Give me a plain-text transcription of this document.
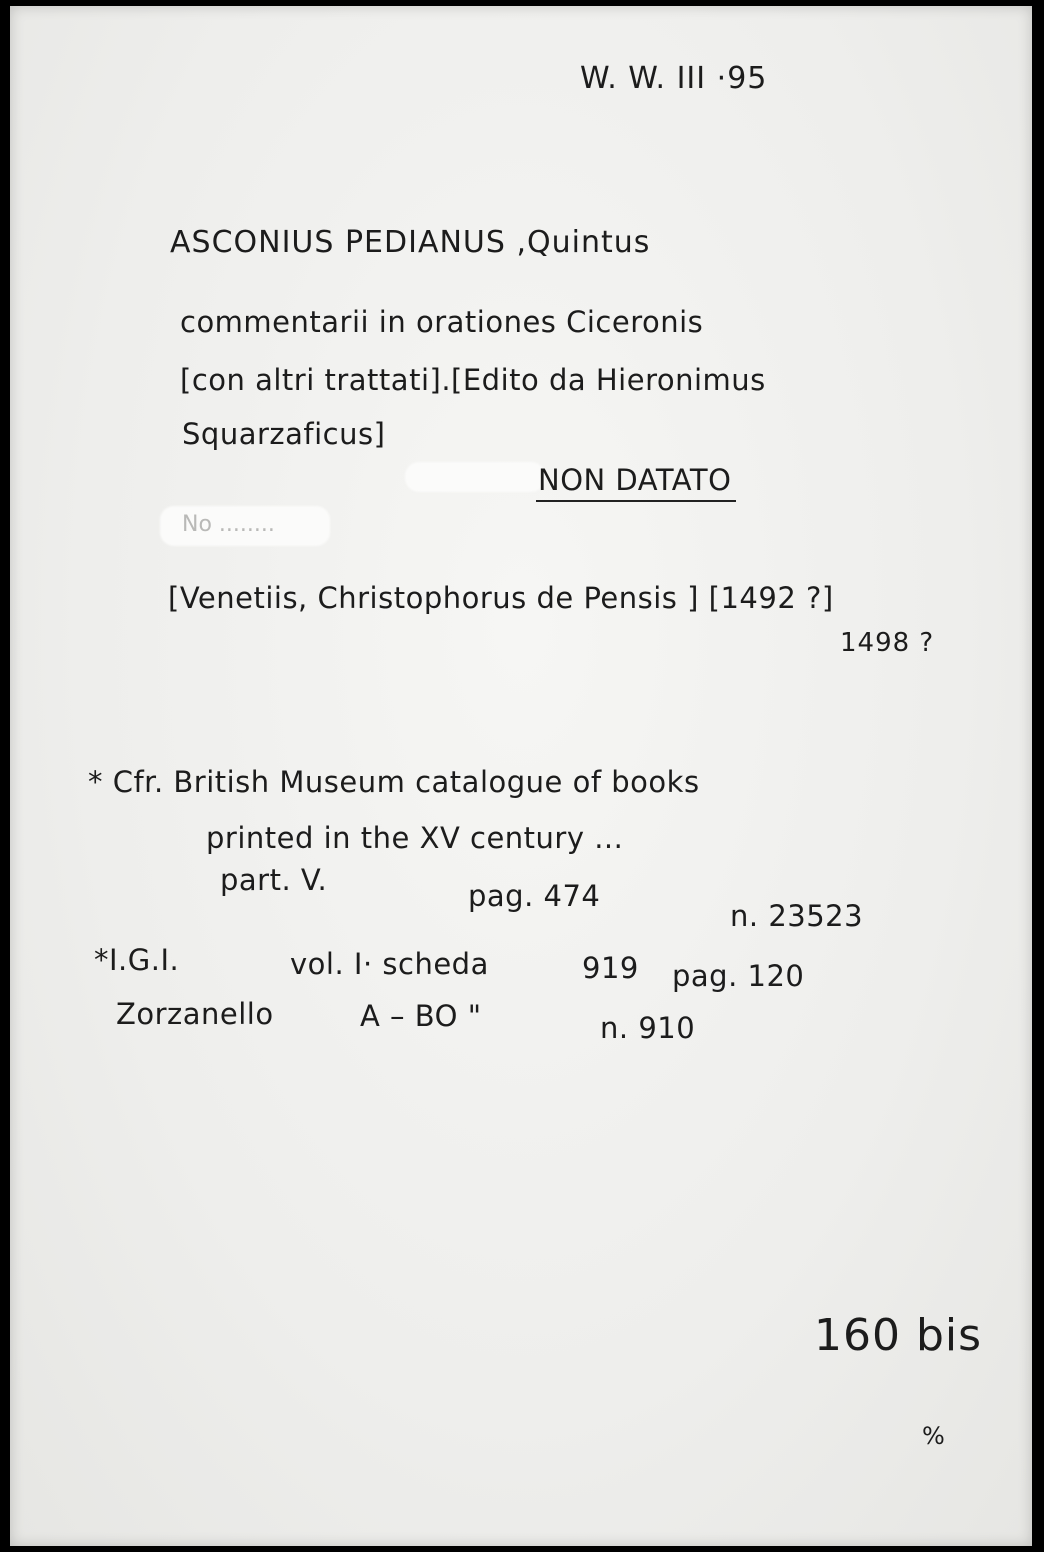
No ........
W. W. III ·95
ASCONIUS PEDIANUS ,Quintus
commentarii in orationes Ciceronis
[con altri trattati].[Edito da Hieronimus
Squarzaficus]
NON DATATO
[Venetiis, Christophorus de Pensis ] [1492 ?]
1498 ?
* Cfr. British Museum catalogue of books
printed in the XV century ...
part. V.	pag. 474
n. 23523
*I.G.I.	vol. I· scheda	919 pag. 120
Zorzanello	A – BO "	n. 910
160 bis
%
